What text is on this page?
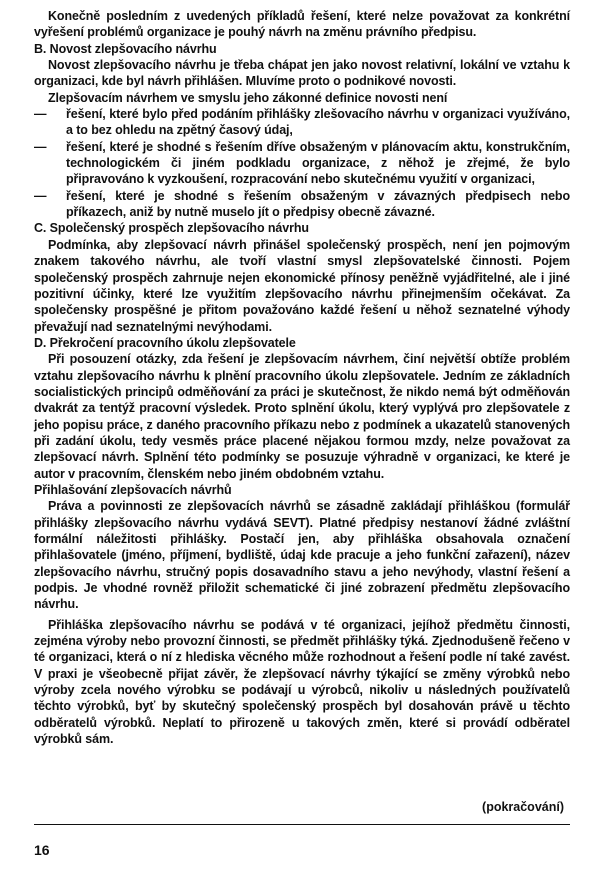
Konečně posledním z uvedených příkladů řešení, které nelze považovat za konkrétní vyřešení problémů organizace je pouhý návrh na změnu právního předpisu.

B. Novost zlepšovacího návrhu

Novost zlepšovacího návrhu je třeba chápat jen jako novost relativní, lokální ve vztahu k organizaci, kde byl návrh přihlášen. Mluvíme proto o podnikové novosti.

Zlepšovacím návrhem ve smyslu jeho zákonné definice novosti není

— řešení, které bylo před podáním přihlášky zlešovacího návrhu v organizaci využíváno, a to bez ohledu na zpětný časový údaj,
— řešení, které je shodné s řešením dříve obsaženým v plánovacím aktu, konstrukčním, technologickém či jiném podkladu organizace, z něhož je zřejmé, že bylo připravováno k vyzkoušení, rozpracování nebo skutečnému využití v organizaci,
— řešení, které je shodné s řešením obsaženým v závazných předpisech nebo příkazech, aniž by nutně muselo jít o předpisy obecně závazné.
C. Společenský prospěch zlepšovacího návrhu

Podmínka, aby zlepšovací návrh přinášel společenský prospěch, není jen pojmovým znakem takového návrhu, ale tvoří vlastní smysl zlepšovatelské činnosti. Pojem společenský prospěch zahrnuje nejen ekonomické přínosy peněžně vyjádřitelné, ale i jiné pozitivní účinky, které lze využitím zlepšovacího návrhu přinejmenším očekávat. Za společensky prospěšné je přitom považováno každé řešení u něhož seznatelné výhody převažují nad seznatelnými nevýhodami.

D. Překročení pracovního úkolu zlepšovatele

Při posouzení otázky, zda řešení je zlepšovacím návrhem, činí největší obtíže problém vztahu zlepšovacího návrhu k plnění pracovního úkolu zlepšovatele. Jedním ze základních socialistických principů odměňování za práci je skutečnost, že nikdo nemá být odměňován dvakrát za tentýž pracovní výsledek. Proto splnění úkolu, který vyplývá pro zlepšovatele z jeho popisu práce, z daného pracovního příkazu nebo z podmínek a ukazatelů stanovených při zadání úkolu, tedy vesměs práce placené nějakou formou mzdy, nelze považovat za zlepšovací návrh. Splnění této podmínky se posuzuje výhradně v organizaci, ke které je autor v pracovním, členském nebo jiném obdobném vztahu.

Přihlašování zlepšovacích návrhů

Práva a povinnosti ze zlepšovacích návrhů se zásadně zakládají přihláškou (formulář přihlášky zlepšovacího návrhu vydává SEVT). Platné předpisy nestanoví žádné zvláštní formální náležitosti přihlášky. Postačí jen, aby přihláška obsahovala označení přihlašovatele (jméno, příjmení, bydliště, údaj kde pracuje a jeho funkční zařazení), název zlepšovacího návrhu, stručný popis dosavadního stavu a jeho nevýhody, vlastní řešení a podpis. Je vhodné rovněž přiložit schematické či jiné zobrazení předmětu zlepšovacího návrhu.

Přihláška zlepšovacího návrhu se podává v té organizaci, jejíhož předmětu činnosti, zejména výroby nebo provozní činnosti, se předmět přihlášky týká. Zjednodušeně řečeno v té organizaci, která o ní z hlediska věcného může rozhodnout a řešení podle ní také zavést. V praxi je všeobecně přijat závěr, že zlepšovací návrhy týkající se změny výrobků nebo výroby zcela nového výrobku se podávají u výrobců, nikoliv u následných používatelů těchto výrobků, byť by skutečný společenský prospěch byl dosahován právě u těchto odběratelů výrobků. Neplatí to přirozeně u takových změn, které si provádí odběratel výrobků sám.

(pokračování)
16
